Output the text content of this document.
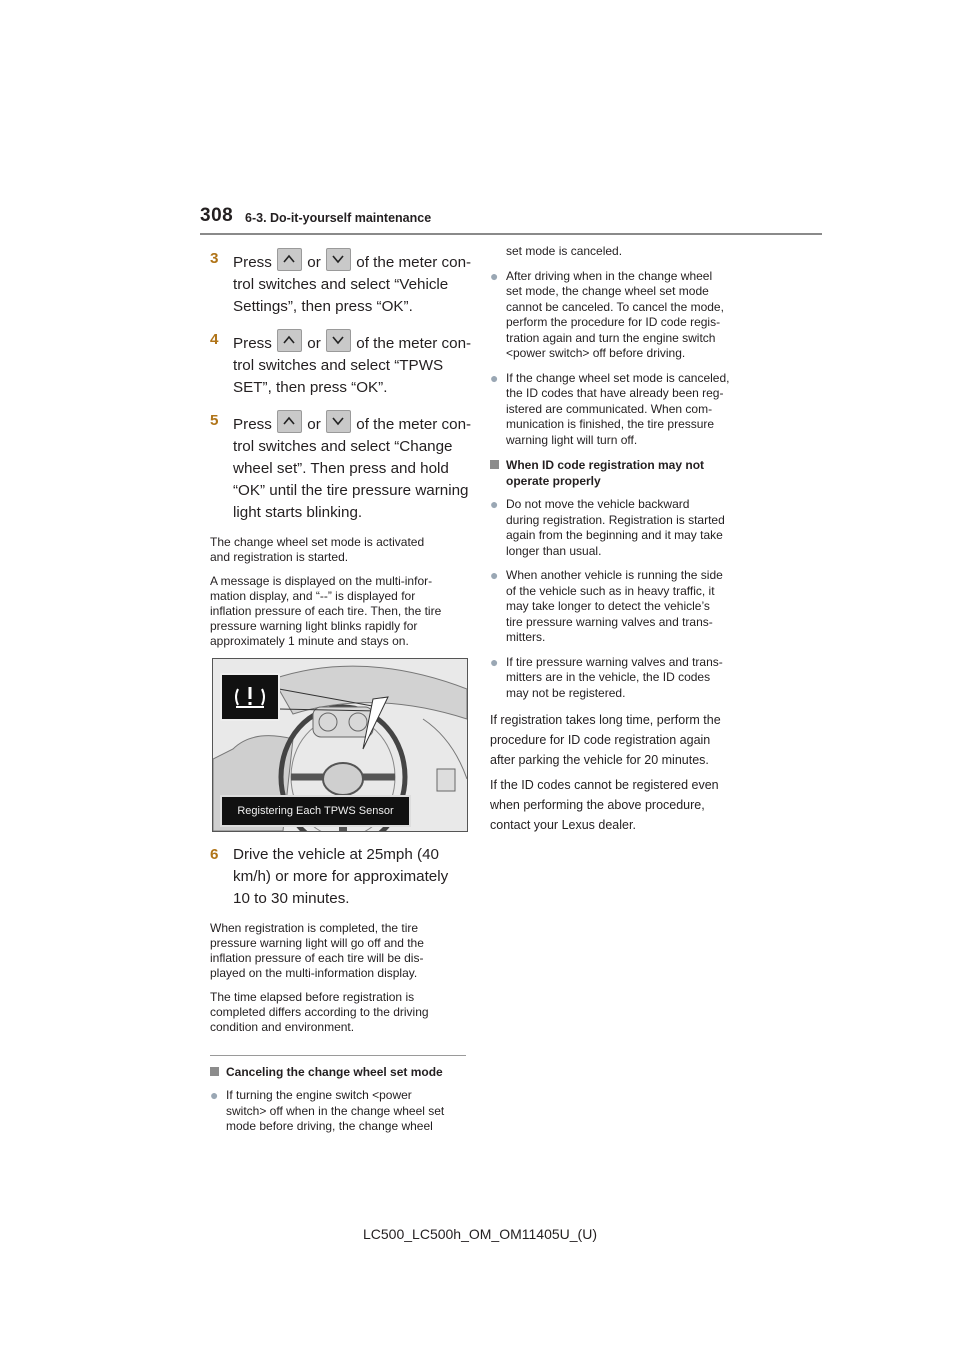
308 6-3. Do-it-yourself maintenance
3 Press or of the meter con-
trol switches and select “Vehicle
Settings”, then press “OK”.
4 Press or of the meter con-
trol switches and select “TPWS
SET”, then press “OK”.
5 Press or of the meter con-
trol switches and select “Change
wheel set”. Then press and hold
“OK” until the tire pressure warning
light starts blinking.

The change wheel set mode is activated
and registration is started.

A message is displayed on the multi-infor-
mation display, and “--” is displayed for
inflation pressure of each tire. Then, the tire
pressure warning light blinks rapidly for
approximately 1 minute and stays on.

Registering Each TPWS Sensor
6 Drive the vehicle at 25mph (40
km/h) or more for approximately
10 to 30 minutes.

When registration is completed, the tire
pressure warning light will go off and the
inflation pressure of each tire will be dis-
played on the multi-information display.

The time elapsed before registration is
completed differs according to the driving
condition and environment.

Canceling the change wheel set mode
● If turning the engine switch <power
switch> off when in the change wheel set
mode before driving, the change wheel
set mode is canceled.
● After driving when in the change wheel
set mode, the change wheel set mode
cannot be canceled. To cancel the mode,
perform the procedure for ID code regis-
tration again and turn the engine switch
<power switch> off before driving.
● If the change wheel set mode is canceled,
the ID codes that have already been reg-
istered are communicated. When com-
munication is finished, the tire pressure
warning light will turn off.
When ID code registration may not
operate properly
● Do not move the vehicle backward
during registration. Registration is started
again from the beginning and it may take
longer than usual.
● When another vehicle is running the side
of the vehicle such as in heavy traffic, it
may take longer to detect the vehicle’s
tire pressure warning valves and trans-
mitters.
● If tire pressure warning valves and trans-
mitters are in the vehicle, the ID codes
may not be registered.

If registration takes long time, perform the
procedure for ID code registration again
after parking the vehicle for 20 minutes.

If the ID codes cannot be registered even
when performing the above procedure,
contact your Lexus dealer.

LC500_LC500h_OM_OM11405U_(U)
